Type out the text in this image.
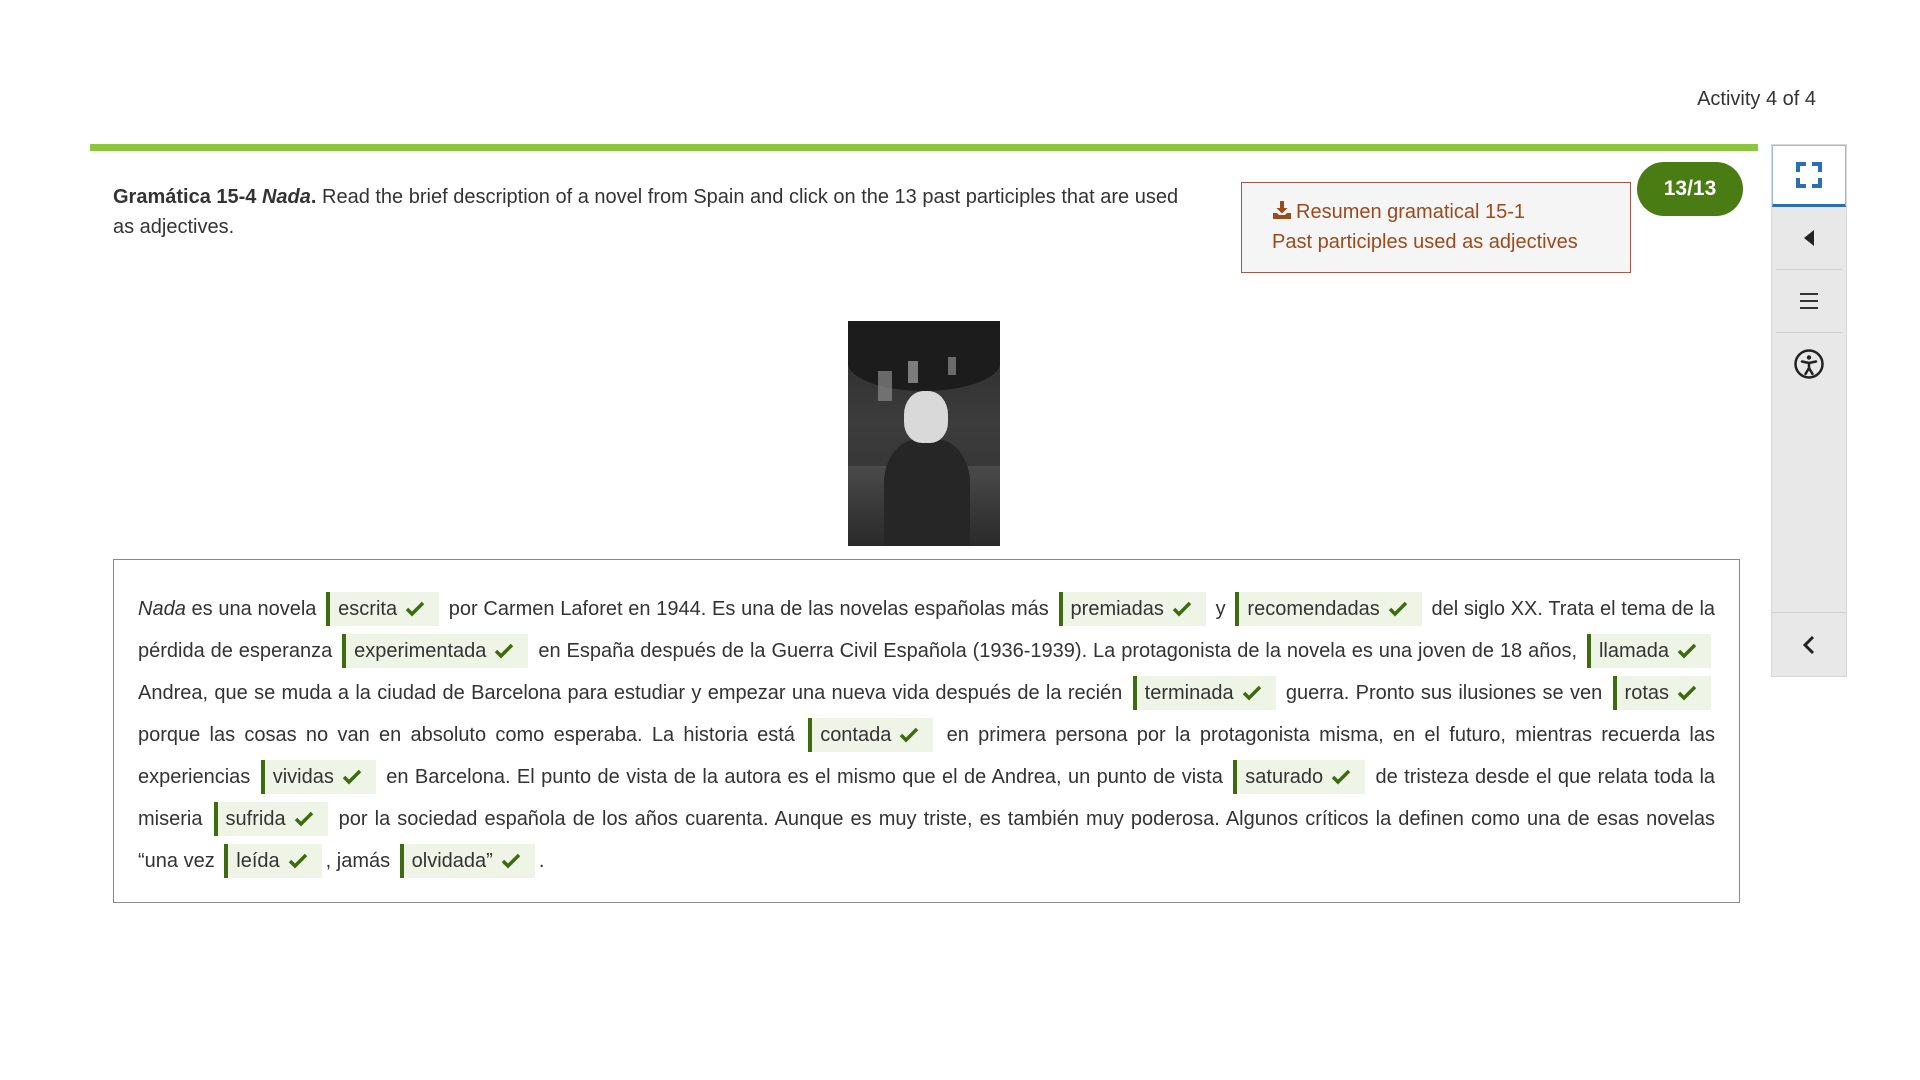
Activity 4 of 4
Gramática 15-4 Nada. Read the brief description of a novel from Spain and click on the 13 past participles that are used as adjectives.
Resumen gramatical 15-1
Past participles used as adjectives
13/13
Nada es una novela escrita por Carmen Laforet en 1944. Es una de las novelas españolas más premiadas y recomendadas del siglo XX. Trata el tema de la pérdida de esperanza experimentada en España después de la Guerra Civil Española (1936-1939). La protagonista de la novela es una joven de 18 años, llamada Andrea, que se muda a la ciudad de Barcelona para estudiar y empezar una nueva vida después de la recién terminada guerra. Pronto sus ilusiones se ven rotas porque las cosas no van en absoluto como esperaba. La historia está contada en primera persona por la protagonista misma, en el futuro, mientras recuerda las experiencias vividas en Barcelona. El punto de vista de la autora es el mismo que el de Andrea, un punto de vista saturado de tristeza desde el que relata toda la miseria sufrida por la sociedad española de los años cuarenta. Aunque es muy triste, es también muy poderosa. Algunos críticos la definen como una de esas novelas “una vez leída , jamás olvidada” .
